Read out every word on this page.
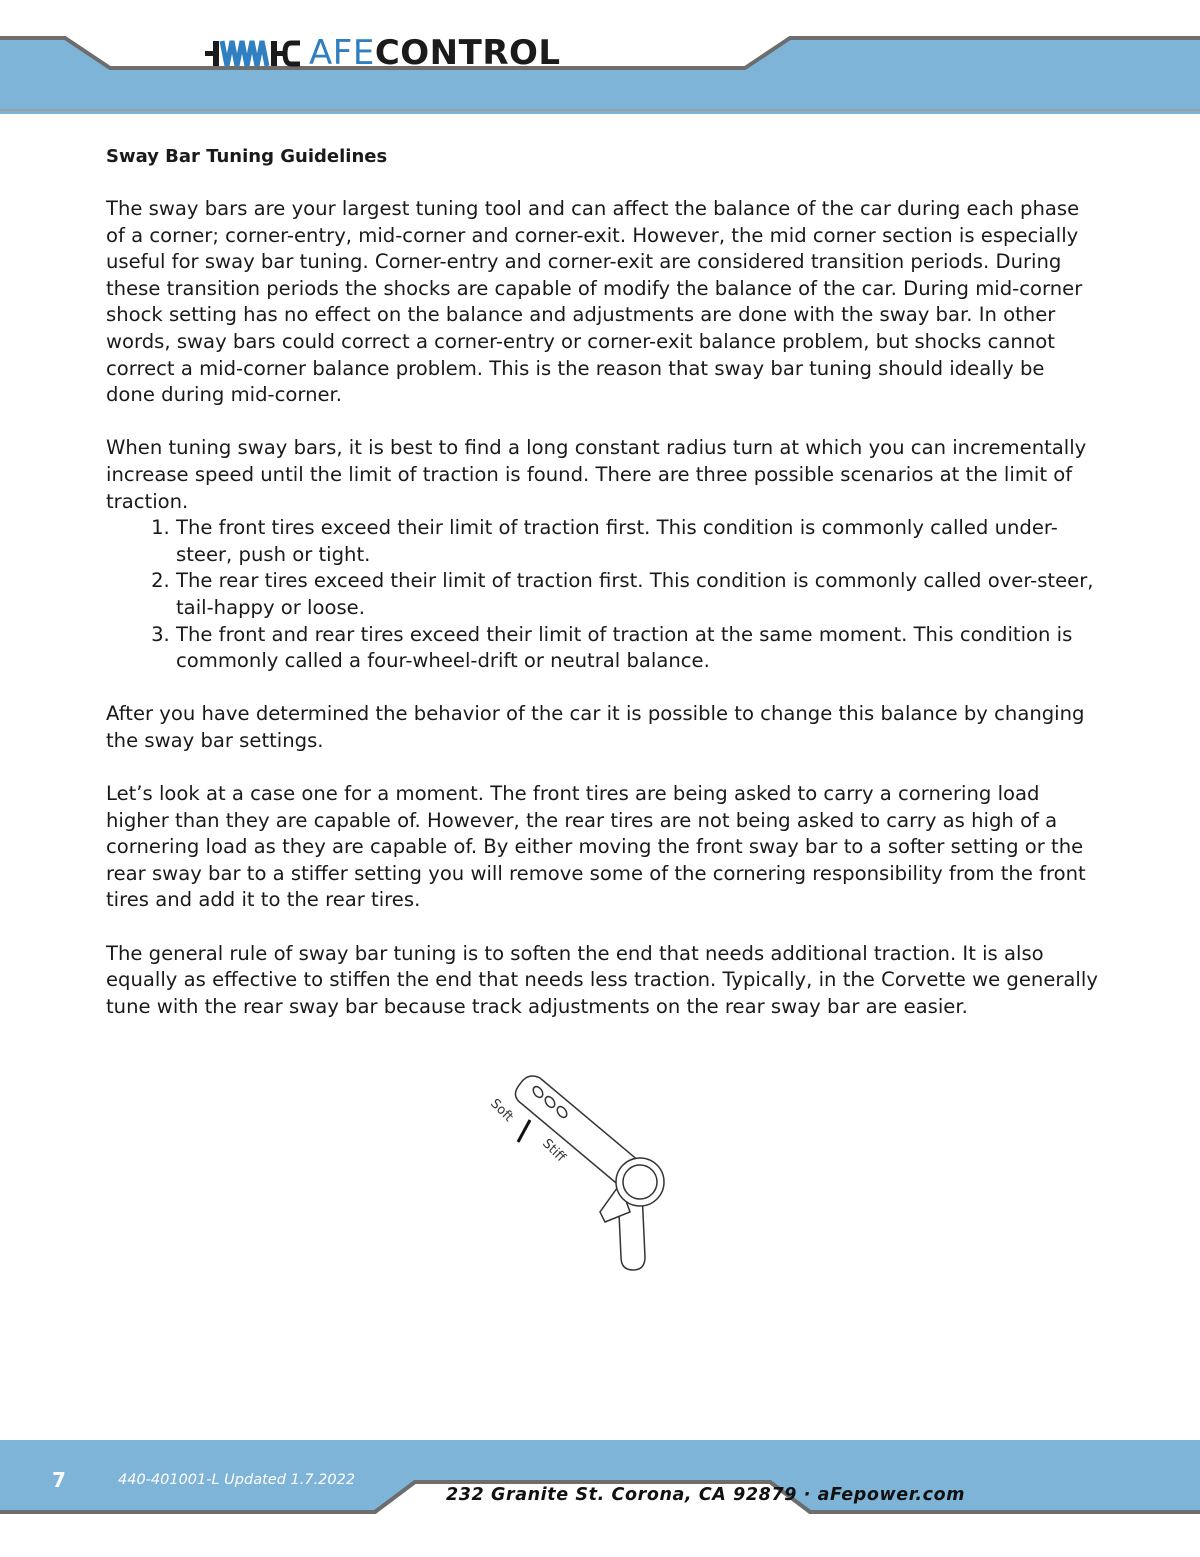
AFECONTROL
Sway Bar Tuning Guidelines

The sway bars are your largest tuning tool and can affect the balance of the car during each phase of a corner; corner-entry, mid-corner and corner-exit. However, the mid corner section is especially useful for sway bar tuning. Corner-entry and corner-exit are considered transition periods. During these transition periods the shocks are capable of modify the balance of the car. During mid-corner shock setting has no effect on the balance and adjustments are done with the sway bar. In other words, sway bars could correct a corner-entry or corner-exit balance problem, but shocks cannot correct a mid-corner balance problem. This is the reason that sway bar tuning should ideally be done during mid-corner.

When tuning sway bars, it is best to find a long constant radius turn at which you can incrementally increase speed until the limit of traction is found. There are three possible scenarios at the limit of traction.

1. The front tires exceed their limit of traction first. This condition is commonly called under-steer, push or tight.
2. The rear tires exceed their limit of traction first. This condition is commonly called over-steer, tail-happy or loose.
3. The front and rear tires exceed their limit of traction at the same moment. This condition is commonly called a four-wheel-drift or neutral balance.

After you have determined the behavior of the car it is possible to change this balance by changing the sway bar settings.

Let’s look at a case one for a moment. The front tires are being asked to carry a cornering load higher than they are capable of. However, the rear tires are not being asked to carry as high of a cornering load as they are capable of. By either moving the front sway bar to a softer setting or the rear sway bar to a stiffer setting you will remove some of the cornering responsibility from the front tires and add it to the rear tires.

The general rule of sway bar tuning is to soften the end that needs additional traction. It is also equally as effective to stiffen the end that needs less traction. Typically, in the Corvette we generally tune with the rear sway bar because track adjustments on the rear sway bar are easier.

Soft
Stiff
7	440-401001-L Updated 1.7.2022
232 Granite St. Corona, CA 92879 · aFepower.com
